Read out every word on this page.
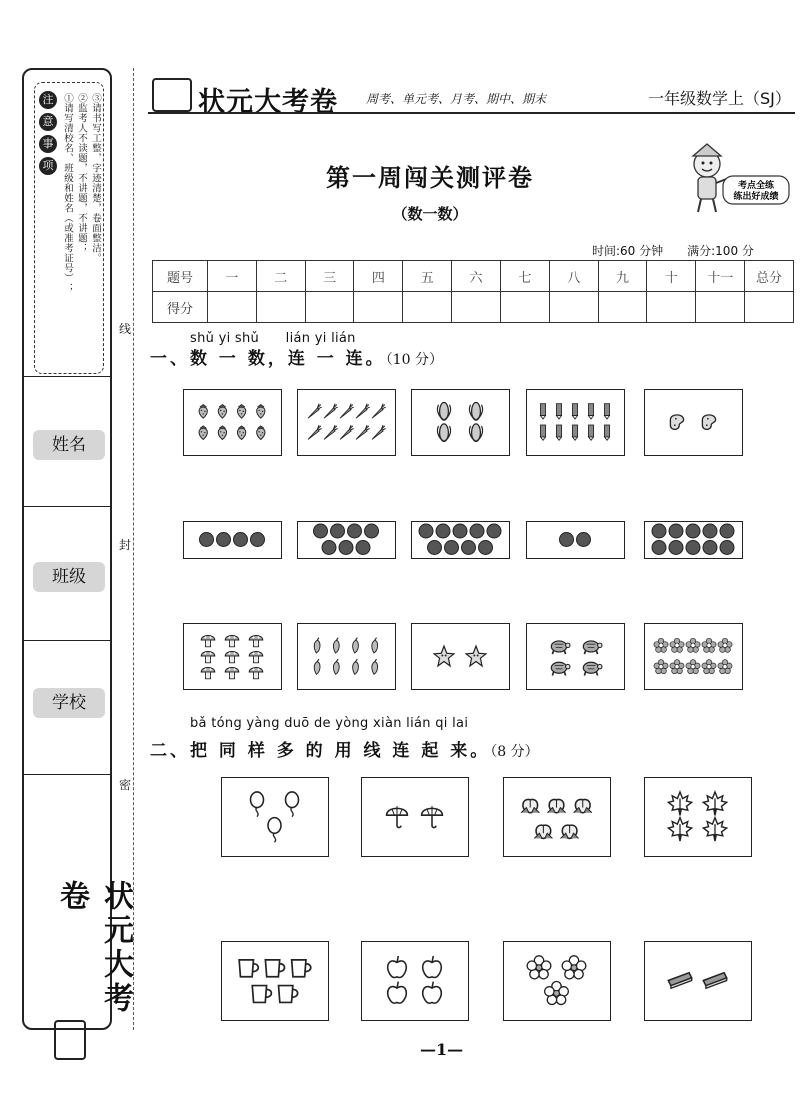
注
意
事
项 ①请写清校名、班级和姓名（或准考证号）； ②监考人不读题，不讲题，不讲题； ③请书写工整，字迹清楚，卷面整洁。
姓名
班级
学校
状元大考卷
线
封
密
状元大考卷 周考、单元考、月考、期中、期末	一年级数学上（SJ）
第一周闯关测评卷
（数一数）
考点全练
练出好成绩
时间:60 分钟　　满分:100 分
题号	一	二	三	四	五	六	七	八	九	十	十一	总分
得分												
shǔ yi shǔ　　lián yi lián
一、数 一 数，连 一 连。（10 分）
bǎ tóng yàng duō de yòng xiàn lián qi lai
二、把 同 样 多 的 用 线 连 起 来。（8 分）
—1—
